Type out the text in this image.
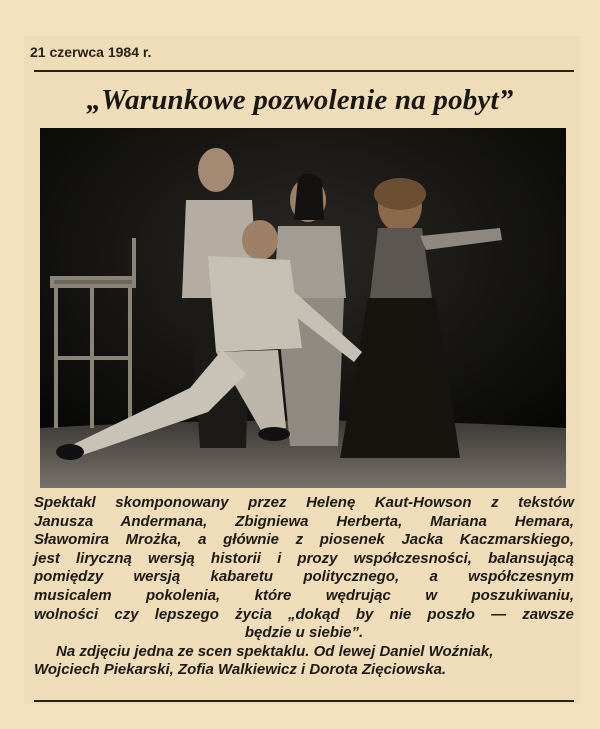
21 czerwca 1984 r.
„Warunkowe pozwolenie na pobyt”
Spektakl skomponowany przez Helenę Kaut-Howson z tekstów
Janusza Andermana, Zbigniewa Herberta, Mariana Hemara,
Sławomira Mrożka, a głównie z piosenek Jacka Kaczmarskiego,
jest liryczną wersją historii i prozy współczesności, balansującą
pomiędzy wersją kabaretu politycznego, a współczesnym
musicalem pokolenia, które wędrując w poszukiwaniu,
wolności czy lepszego życia „dokąd by nie poszło — zawsze
będzie u siebie”.
Na zdjęciu jedna ze scen spektaklu. Od lewej Daniel Woźniak,
Wojciech Piekarski, Zofia Walkiewicz i Dorota Zięciowska.
